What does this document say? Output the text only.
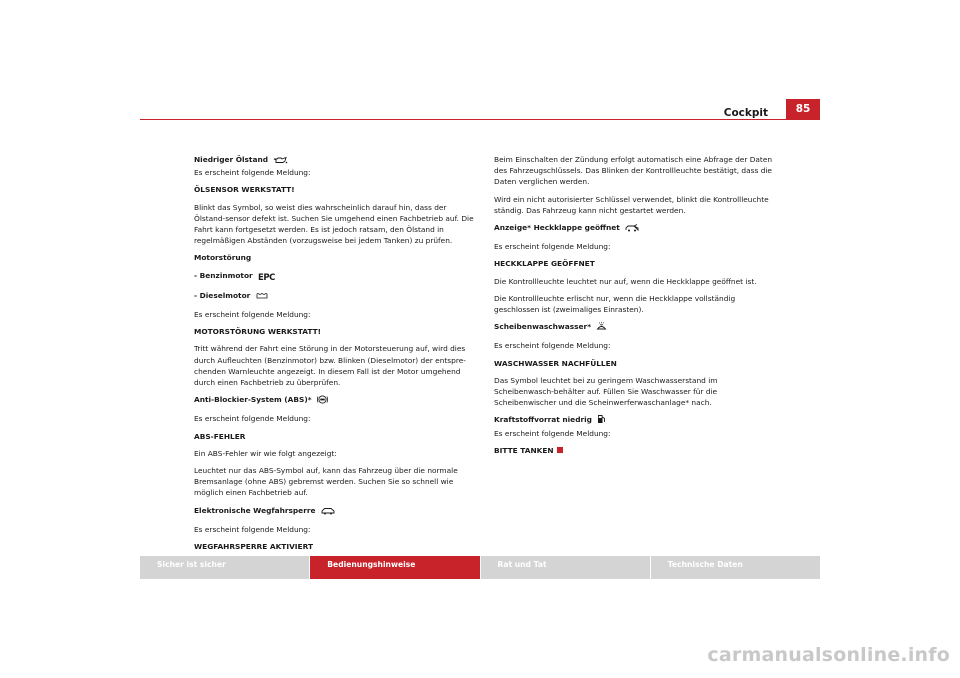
Cockpit	85

Niedriger Ölstand

Es erscheint folgende Meldung:

ÖLSENSOR WERKSTATT!

Blinkt das Symbol, so weist dies wahrscheinlich darauf hin, dass der Ölstand-sensor defekt ist. Suchen Sie umgehend einen Fachbetrieb auf. Die Fahrt kann fortgesetzt werden. Es ist jedoch ratsam, den Ölstand in regelmäßigen Abständen (vorzugsweise bei jedem Tanken) zu prüfen.

Motorstörung

- Benzinmotor EPC

- Dieselmotor

Es erscheint folgende Meldung:

MOTORSTÖRUNG WERKSTATT!

Tritt während der Fahrt eine Störung in der Motorsteuerung auf, wird dies durch Aufleuchten (Benzinmotor) bzw. Blinken (Dieselmotor) der entspre-chenden Warnleuchte angezeigt. In diesem Fall ist der Motor umgehend durch einen Fachbetrieb zu überprüfen.

Anti-Blockier-System (ABS)*

Es erscheint folgende Meldung:

ABS-FEHLER

Ein ABS-Fehler wir wie folgt angezeigt:

Leuchtet nur das ABS-Symbol auf, kann das Fahrzeug über die normale Bremsanlage (ohne ABS) gebremst werden. Suchen Sie so schnell wie möglich einen Fachbetrieb auf.

Elektronische Wegfahrsperre

Es erscheint folgende Meldung:

WEGFAHRSPERRE AKTIVIERT

Beim Einschalten der Zündung erfolgt automatisch eine Abfrage der Daten des Fahrzeugschlüssels. Das Blinken der Kontrollleuchte bestätigt, dass die Daten verglichen werden.

Wird ein nicht autorisierter Schlüssel verwendet, blinkt die Kontrollleuchte ständig. Das Fahrzeug kann nicht gestartet werden.

Anzeige* Heckklappe geöffnet

Es erscheint folgende Meldung:

HECKKLAPPE GEÖFFNET

Die Kontrollleuchte leuchtet nur auf, wenn die Heckklappe geöffnet ist.

Die Kontrollleuchte erlischt nur, wenn die Heckklappe vollständig geschlossen ist (zweimaliges Einrasten).

Scheibenwaschwasser*

Es erscheint folgende Meldung:

WASCHWASSER NACHFÜLLEN

Das Symbol leuchtet bei zu geringem Waschwasserstand im Scheibenwasch-behälter auf. Füllen Sie Waschwasser für die Scheibenwischer und die Scheinwerferwaschanlage* nach.

Kraftstoffvorrat niedrig

Es erscheint folgende Meldung:

BITTE TANKEN

Sicher ist sicher	Bedienungshinweise	Rat und Tat	Technische Daten
carmanualsonline.info
